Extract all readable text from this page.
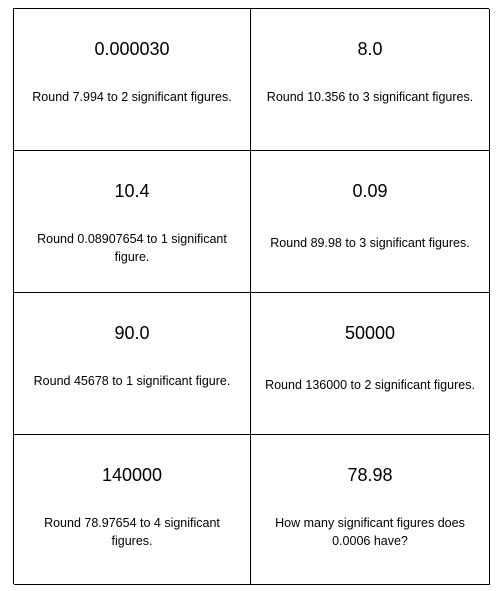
0.000030
Round 7.994 to 2 significant figures.
8.0
Round 10.356 to 3 significant figures.
10.4
Round 0.08907654 to 1 significant figure.
0.09
Round 89.98 to 3 significant figures.
90.0
Round 45678 to 1 significant figure.
50000
Round 136000 to 2 significant figures.
140000
Round 78.97654 to 4 significant figures.
78.98
How many significant figures does 0.0006 have?
